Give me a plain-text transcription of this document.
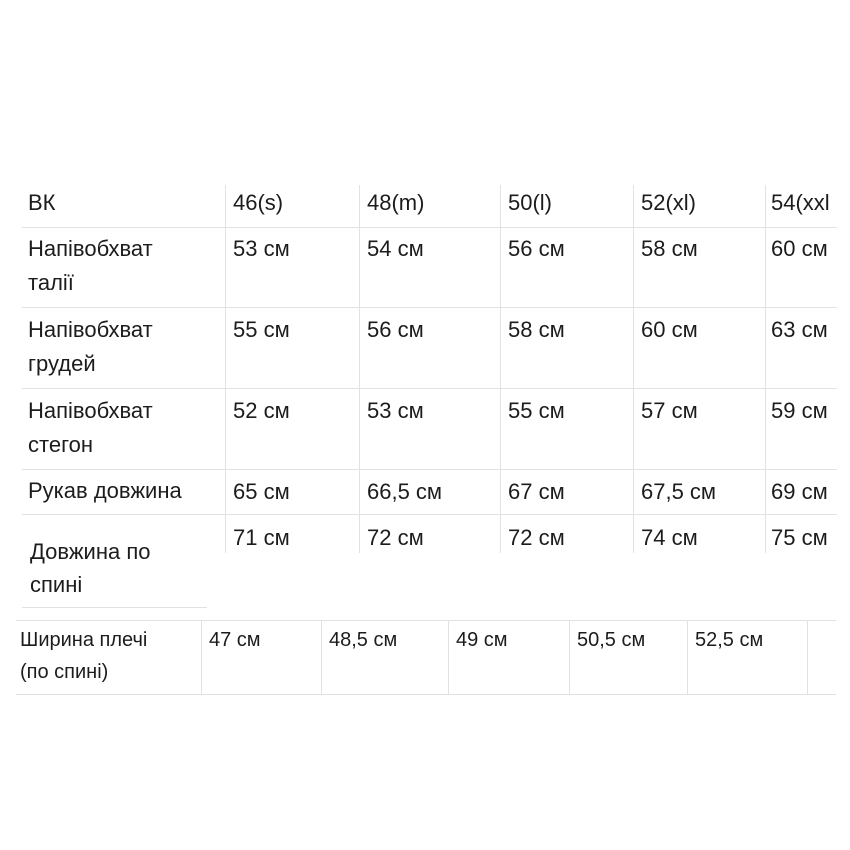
ВК	46(s)	48(m)	50(l)	52(xl)	54(xxl
Напівобхват
талії
53 см	54 см	56 см	58 см	60 см
Напівобхват
грудей
55 см	56 см	58 см	60 см	63 см
Напівобхват
стегон
52 см	53 см	55 см	57 см	59 см
Рукав довжина 65 см	66,5 см	67 см	67,5 см 69 см
Довжина по
спині
71 см	72 см	72 см	74 см	75 см
Ширина плечі
(по спині)
47 см	48,5 см	49 см	50,5 см 52,5 см
